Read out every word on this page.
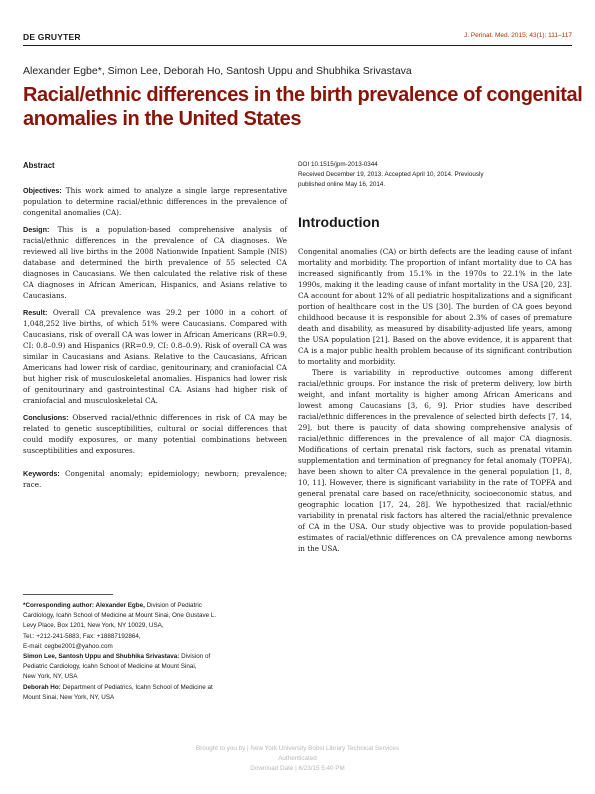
DE GRUYTER	J. Perinat. Med. 2015; 43(1): 111–117
Alexander Egbe*, Simon Lee, Deborah Ho, Santosh Uppu and Shubhika Srivastava
Racial/ethnic differences in the birth prevalence of congenital anomalies in the United States
Abstract

Objectives: This work aimed to analyze a single large representative population to determine racial/ethnic differences in the prevalence of congenital anomalies (CA).

Design: This is a population-based comprehensive analysis of racial/ethnic differences in the prevalence of CA diagnoses. We reviewed all live births in the 2008 Nationwide Inpatient Sample (NIS) database and determined the birth prevalence of 55 selected CA diagnoses in Caucasians. We then calculated the relative risk of these CA diagnoses in African American, Hispanics, and Asians relative to Caucasians.

Result: Overall CA prevalence was 29.2 per 1000 in a cohort of 1,048,252 live births, of which 51% were Caucasians. Compared with Caucasians, risk of overall CA was lower in African Americans (RR=0.9, CI: 0.8–0.9) and Hispanics (RR=0.9, CI: 0.8–0.9). Risk of overall CA was similar in Caucasians and Asians. Relative to the Caucasians, African Americans had lower risk of cardiac, genitourinary, and craniofacial CA but higher risk of musculoskeletal anomalies. Hispanics had lower risk of genitourinary and gastrointestinal CA. Asians had higher risk of craniofacial and musculoskeletal CA.

Conclusions: Observed racial/ethnic differences in risk of CA may be related to genetic susceptibilities, cultural or social differences that could modify exposures, or many potential combinations between susceptibilities and exposures.

Keywords: Congenital anomaly; epidemiology; newborn; prevalence; race.

*Corresponding author: Alexander Egbe, Division of Pediatric

Cardiology, Icahn School of Medicine at Mount Sinai, One Gustave L.

Levy Place, Box 1201, New York, NY 10029, USA,

Tel.: +212-241-5883, Fax: +18887192864,

E-mail: cegbe2001@yahoo.com

Simon Lee, Santosh Uppu and Shubhika Srivastava: Division of

Pediatric Cardiology, Icahn School of Medicine at Mount Sinai,

New York, NY, USA

Deborah Ho: Department of Pediatrics, Icahn School of Medicine at

Mount Sinai, New York, NY, USA

DOI 10.1515/jpm-2013-0344

Received December 19, 2013. Accepted April 10, 2014. Previously

published online May 16, 2014.

Introduction

Congenital anomalies (CA) or birth defects are the leading cause of infant mortality and morbidity. The proportion of infant mortality due to CA has increased significantly from 15.1% in the 1970s to 22.1% in the late 1990s, making it the leading cause of infant mortality in the USA [20, 23]. CA account for about 12% of all pediatric hospitalizations and a significant portion of healthcare cost in the US [30]. The burden of CA goes beyond childhood because it is responsible for about 2.3% of cases of premature death and disability, as measured by disability-adjusted life years, among the USA population [21]. Based on the above evidence, it is apparent that CA is a major public health problem because of its significant contribution to mortality and morbidity.

There is variability in reproductive outcomes among different racial/ethnic groups. For instance the risk of preterm delivery, low birth weight, and infant mortality is higher among African Americans and lowest among Caucasians [3, 6, 9]. Prior studies have described racial/ethnic differences in the prevalence of selected birth defects [7, 14, 29], but there is paucity of data showing comprehensive analysis of racial/ethnic differences in the prevalence of all major CA diagnosis. Modifications of certain prenatal risk factors, such as prenatal vitamin supplementation and termination of pregnancy for fetal anomaly (TOPFA), have been shown to alter CA prevalence in the general population [1, 8, 10, 11]. However, there is significant variability in the rate of TOPFA and general prenatal care based on race/ethnicity, socioeconomic status, and geographic location [17, 24, 28]. We hypothesized that racial/ethnic variability in prenatal risk factors has altered the racial/ethnic prevalence of CA in the USA. Our study objective was to provide population-based estimates of racial/ethnic differences on CA prevalence among newborns in the USA.

Brought to you by | New York University Bobst Library Technical Services
Authenticated
Download Date | 6/23/15 5:40 PM
